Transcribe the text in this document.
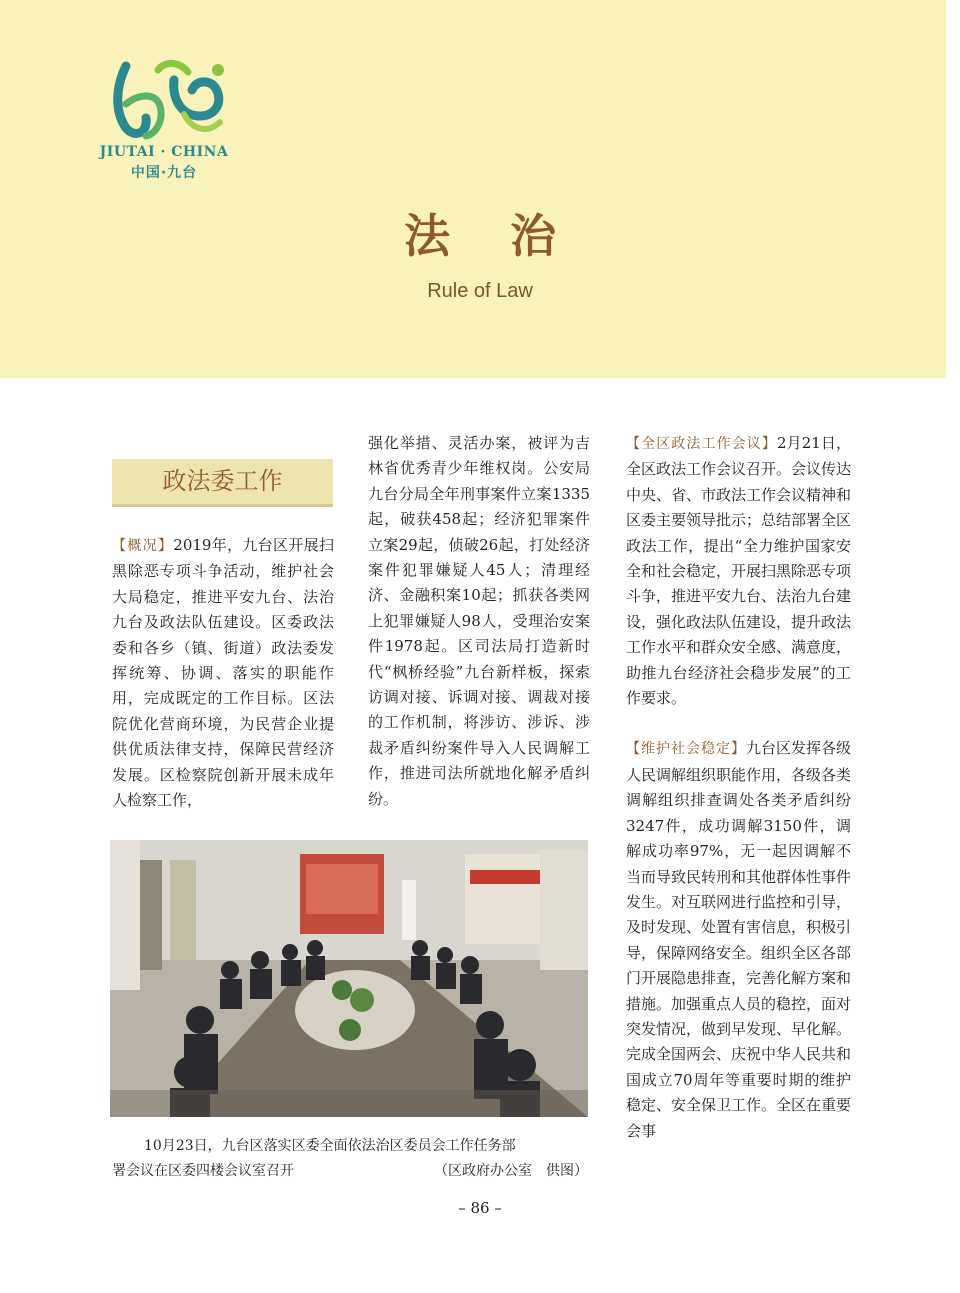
JIUTAI · CHINA
中国·九台
法治
Rule of Law
政法委工作

【概况】2019年，九台区开展扫黑除恶专项斗争活动，维护社会大局稳定，推进平安九台、法治九台及政法队伍建设。区委政法委和各乡（镇、街道）政法委发挥统筹、协调、落实的职能作用，完成既定的工作目标。区法院优化营商环境，为民营企业提供优质法律支持，保障民营经济发展。区检察院创新开展未成年人检察工作，

强化举措、灵活办案，被评为吉林省优秀青少年维权岗。公安局九台分局全年刑事案件立案1335起，破获458起；经济犯罪案件立案29起，侦破26起，打处经济案件犯罪嫌疑人45人；清理经济、金融积案10起；抓获各类网上犯罪嫌疑人98人，受理治安案件1978起。区司法局打造新时代“枫桥经验”九台新样板，探索访调对接、诉调对接、调裁对接的工作机制，将涉访、涉诉、涉裁矛盾纠纷案件导入人民调解工作，推进司法所就地化解矛盾纠纷。

【全区政法工作会议】2月21日，全区政法工作会议召开。会议传达中央、省、市政法工作会议精神和区委主要领导批示；总结部署全区政法工作，提出“全力维护国家安全和社会稳定，开展扫黑除恶专项斗争，推进平安九台、法治九台建设，强化政法队伍建设，提升政法工作水平和群众安全感、满意度，助推九台经济社会稳步发展”的工作要求。

【维护社会稳定】九台区发挥各级人民调解组织职能作用，各级各类调解组织排查调处各类矛盾纠纷3247件，成功调解3150件，调解成功率97%，无一起因调解不当而导致民转刑和其他群体性事件发生。对互联网进行监控和引导，及时发现、处置有害信息，积极引导，保障网络安全。组织全区各部门开展隐患排查，完善化解方案和措施。加强重点人员的稳控，面对突发情况，做到早发现、早化解。完成全国两会、庆祝中华人民共和国成立70周年等重要时期的维护稳定、安全保卫工作。全区在重要会事

10月23日，九台区落实区委全面依法治区委员会工作任务部
署会议在区委四楼会议室召开	（区政府办公室　供图）
– 86 –
